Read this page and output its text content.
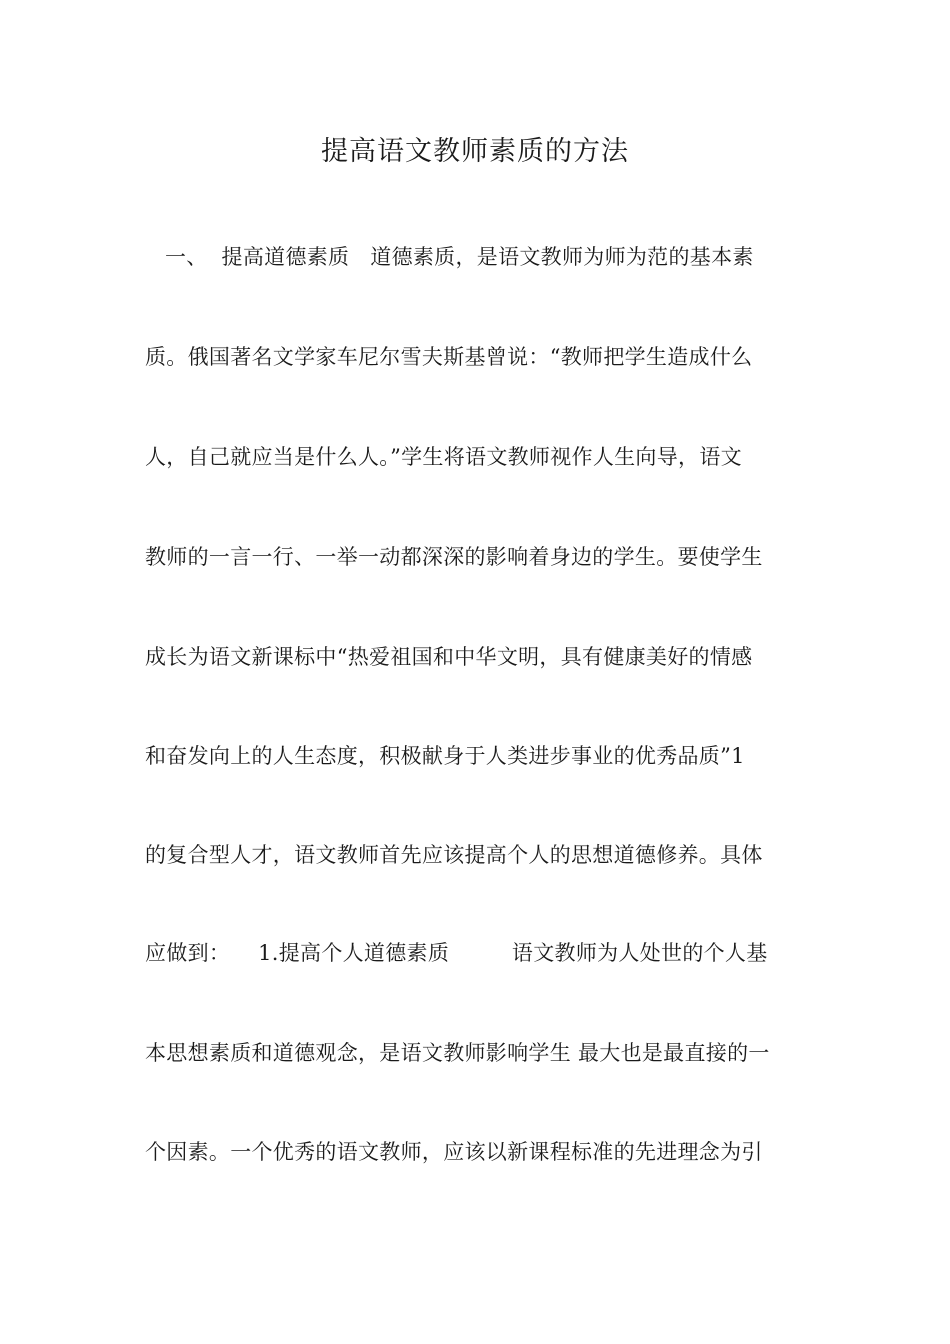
提高语文教师素质的方法
一、  提高道德素质   道德素质，是语文教师为师为范的基本素
质。俄国著名文学家车尼尔雪夫斯基曾说：“教师把学生造成什么
人，自己就应当是什么人。”学生将语文教师视作人生向导，语文
教师的一言一行、一举一动都深深的影响着身边的学生。要使学生
成长为语文新课标中“热爱祖国和中华文明，具有健康美好的情感
和奋发向上的人生态度，积极献身于人类进步事业的优秀品质”1
的复合型人才，语文教师首先应该提高个人的思想道德修养。具体
应做到：    1.提高个人道德素质         语文教师为人处世的个人基
本思想素质和道德观念，是语文教师影响学生 最大也是最直接的一
个因素。一个优秀的语文教师，应该以新课程标准的先进理念为引
